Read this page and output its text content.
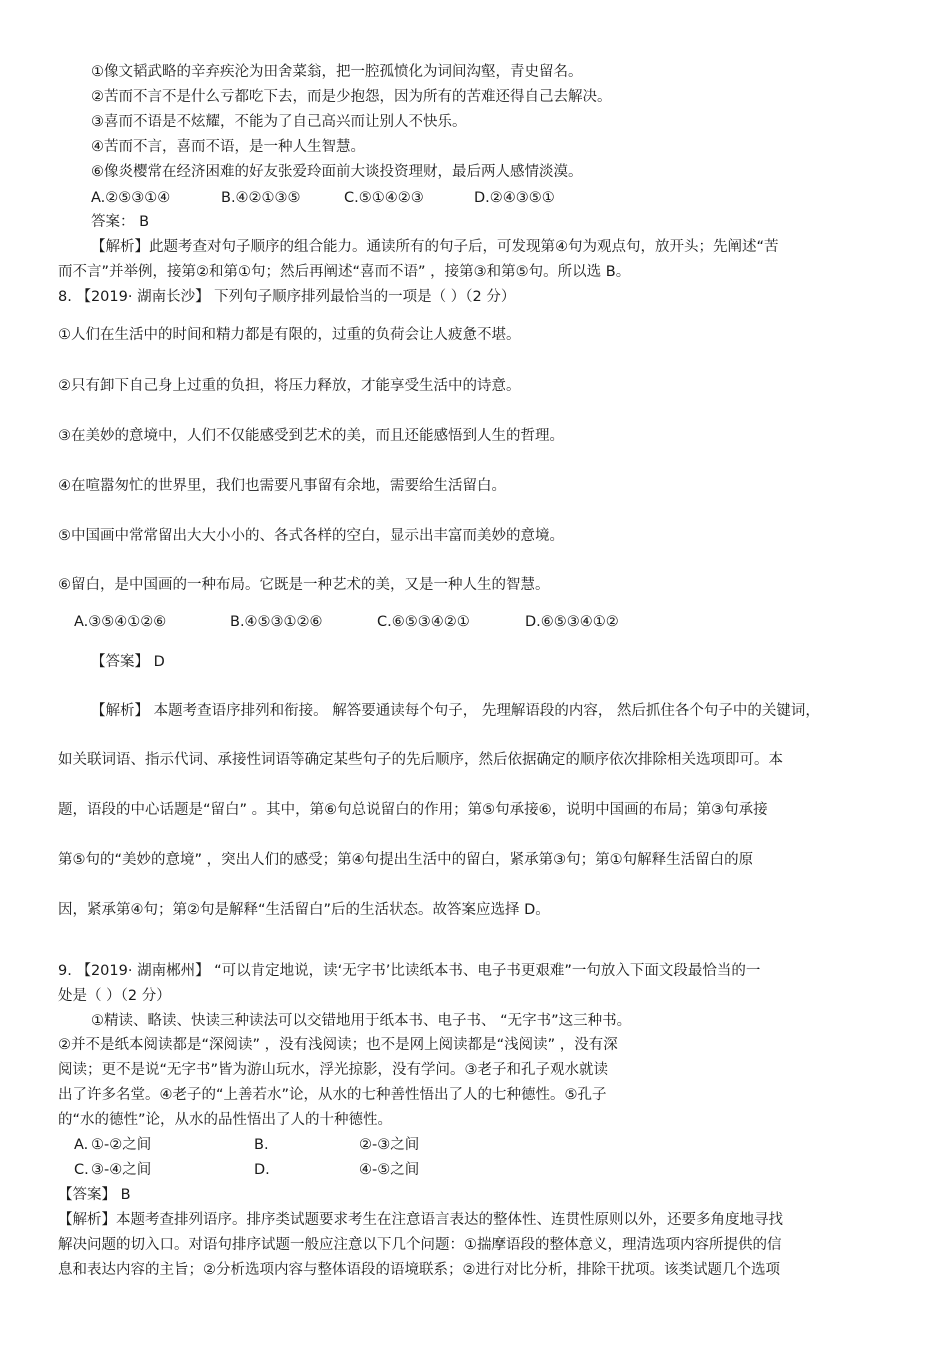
①像文韬武略的辛弃疾沦为田舍菜翁，把一腔孤愤化为词间沟壑，青史留名。
②苦而不言不是什么亏都吃下去，而是少抱怨，因为所有的苦难还得自己去解决。
③喜而不语是不炫耀，不能为了自己高兴而让别人不快乐。
④苦而不言，喜而不语，是一种人生智慧。
⑥像炎樱常在经济困难的好友张爱玲面前大谈投资理财，最后两人感情淡漠。
A.②⑤③①④	B.④②①③⑤	C.⑤①④②③	D.②④③⑤①
答案： B
【解析】此题考查对句子顺序的组合能力。通读所有的句子后，可发现第④句为观点句，放开头；先阐述“苦
而不言”并举例，接第②和第①句；然后再阐述“喜而不语” ，接第③和第⑤句。所以选 B。
8. 【2019· 湖南长沙】 下列句子顺序排列最恰当的一项是（ ）（2 分）
①人们在生活中的时间和精力都是有限的，过重的负荷会让人疲惫不堪。
②只有卸下自己身上过重的负担，将压力释放，才能享受生活中的诗意。
③在美妙的意境中，人们不仅能感受到艺术的美，而且还能感悟到人生的哲理。
④在喧嚣匆忙的世界里，我们也需要凡事留有余地，需要给生活留白。
⑤中国画中常常留出大大小小的、各式各样的空白，显示出丰富而美妙的意境。
⑥留白，是中国画的一种布局。它既是一种艺术的美，又是一种人生的智慧。
A.③⑤④①②⑥	B.④⑤③①②⑥	C.⑥⑤③④②①	D.⑥⑤③④①②
【答案】 D
【解析】 本题考查语序排列和衔接。 解答要通读每个句子， 先理解语段的内容， 然后抓住各个句子中的关键词，
如关联词语、指示代词、承接性词语等确定某些句子的先后顺序，然后依据确定的顺序依次排除相关选项即可。本
题，语段的中心话题是“留白” 。其中，第⑥句总说留白的作用；第⑤句承接⑥，说明中国画的布局；第③句承接
第⑤句的“美妙的意境” ，突出人们的感受；第④句提出生活中的留白，紧承第③句；第①句解释生活留白的原
因，紧承第④句；第②句是解释“生活留白”后的生活状态。故答案应选择 D。
9. 【2019· 湖南郴州】 “可以肯定地说，读‘无字书’比读纸本书、电子书更艰难”一句放入下面文段最恰当的一
处是（ ）（2 分）
①精读、略读、快读三种读法可以交错地用于纸本书、电子书、 “无字书”这三种书。
②并不是纸本阅读都是“深阅读” ，没有浅阅读；也不是网上阅读都是“浅阅读” ，没有深
阅读；更不是说“无字书”皆为游山玩水，浮光掠影，没有学问。③老子和孔子观水就读
出了许多名堂。④老子的“上善若水”论，从水的七种善性悟出了人的七种德性。⑤孔子
的“水的德性”论，从水的品性悟出了人的十种德性。
A. ①-②之间	B.	②-③之间
C. ③-④之间	D.	④-⑤之间
【答案】 B
【解析】本题考查排列语序。排序类试题要求考生在注意语言表达的整体性、连贯性原则以外，还要多角度地寻找
解决问题的切入口。对语句排序试题一般应注意以下几个问题：①揣摩语段的整体意义，理清选项内容所提供的信
息和表达内容的主旨；②分析选项内容与整体语段的语境联系；②进行对比分析，排除干扰项。该类试题几个选项
